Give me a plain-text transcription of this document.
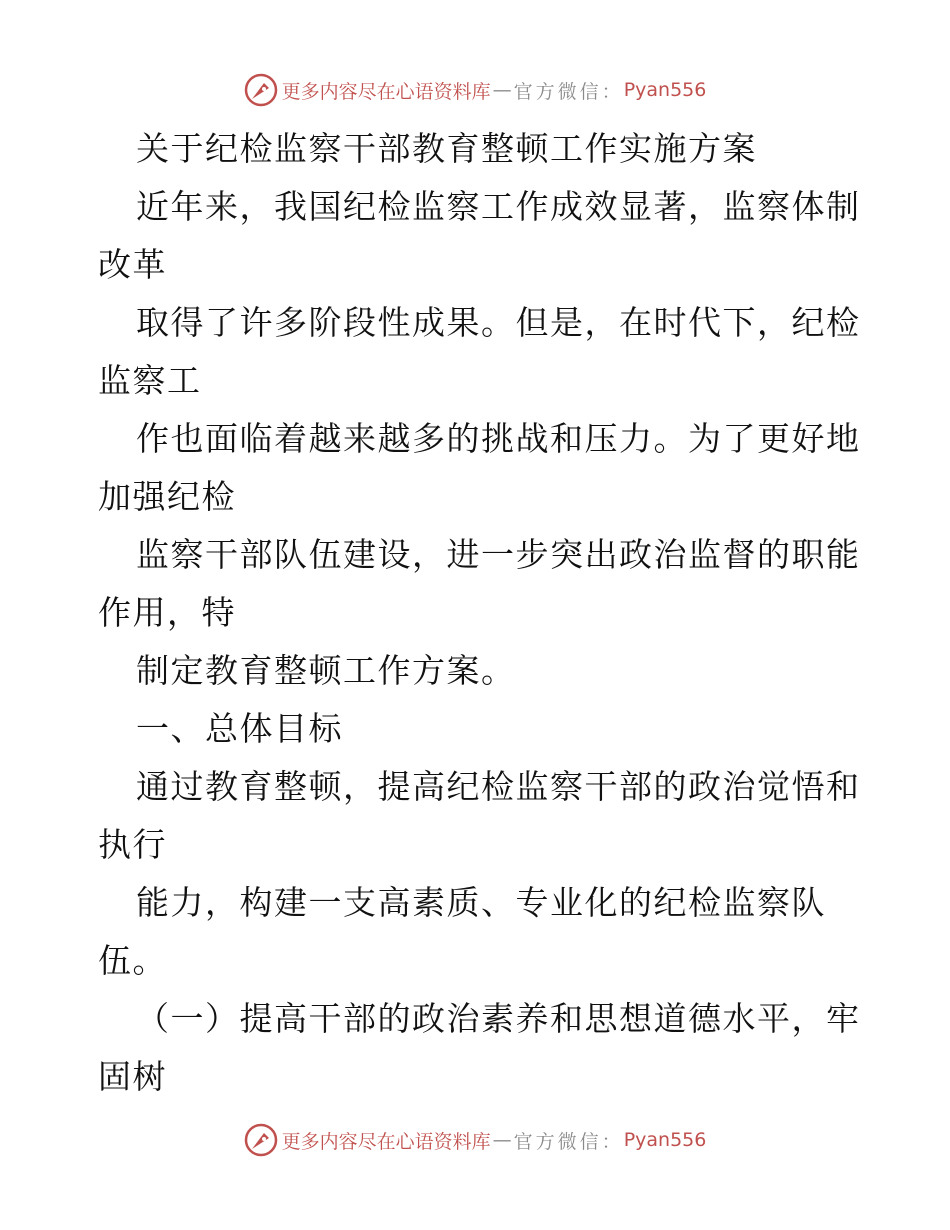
更多内容尽在心语资料库 — 官方微信： Pyan556
关于纪检监察干部教育整顿工作实施方案
近年来，我国纪检监察工作成效显著，监察体制
改革
取得了许多阶段性成果。但是，在时代下，纪检
监察工
作也面临着越来越多的挑战和压力。为了更好地
加强纪检
监察干部队伍建设，进一步突出政治监督的职能
作用，特
制定教育整顿工作方案。
一、总体目标
通过教育整顿，提高纪检监察干部的政治觉悟和
执行
能力，构建一支高素质、专业化的纪检监察队
伍。
（一）提高干部的政治素养和思想道德水平，牢
固树
更多内容尽在心语资料库 — 官方微信： Pyan556
